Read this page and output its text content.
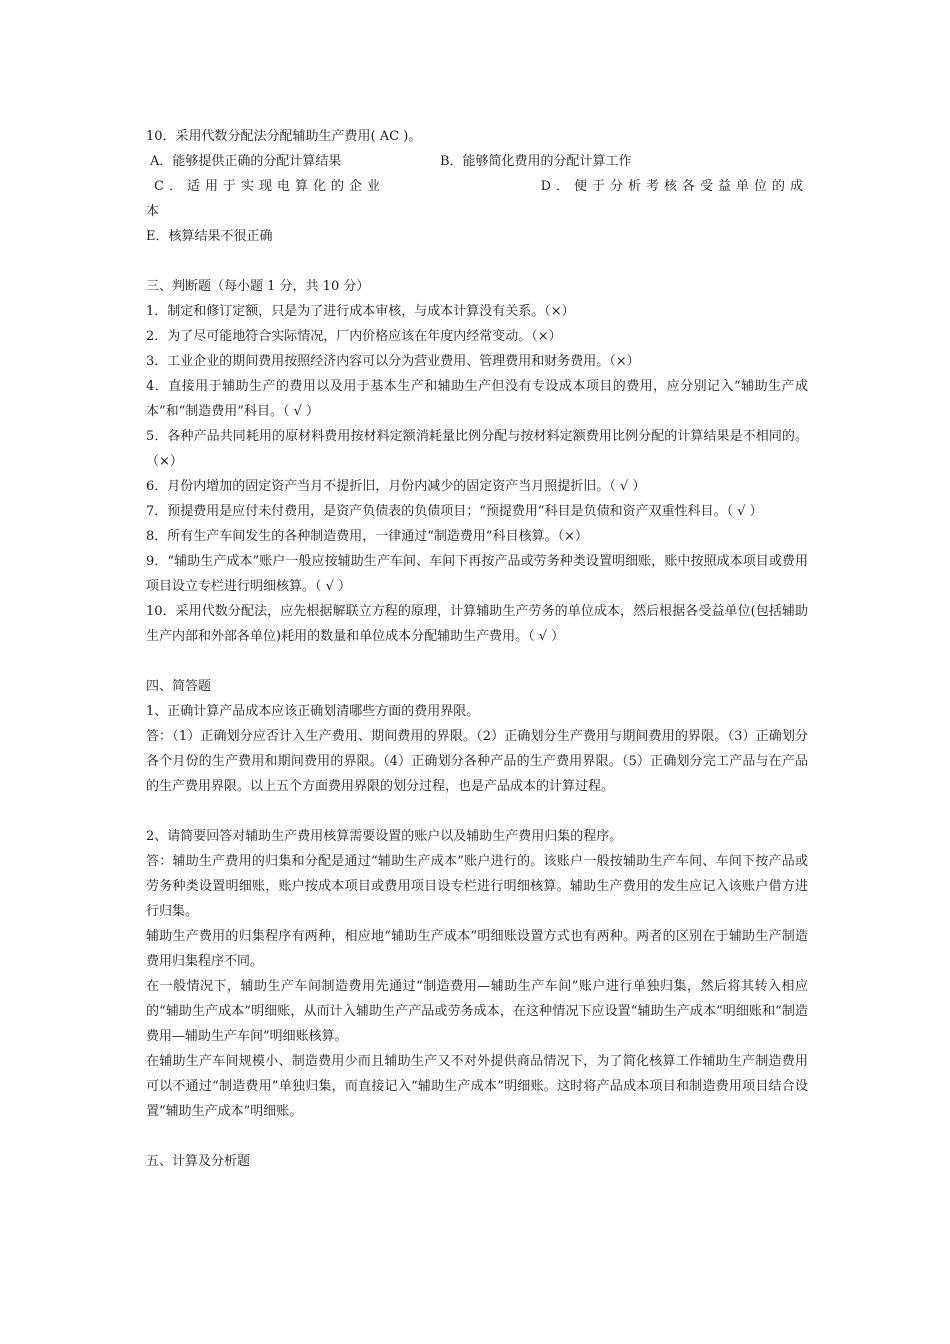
10．采用代数分配法分配辅助生产费用( AC )。
A．能够提供正确的分配计算结果	B．能够简化费用的分配计算工作
C．适用于实现电算化的企业	D．便于分析考核各受益单位的成
本
E．核算结果不很正确
三、判断题（每小题 1 分，共 10 分）
1．制定和修订定额，只是为了进行成本审核，与成本计算没有关系。（×）
2．为了尽可能地符合实际情况，厂内价格应该在年度内经常变动。（×）
3．工业企业的期间费用按照经济内容可以分为营业费用、管理费用和财务费用。（×）
4．直接用于辅助生产的费用以及用于基本生产和辅助生产但没有专设成本项目的费用，应分别记入“辅助生产成本”和“制造费用”科目。（ √ ）
5．各种产品共同耗用的原材料费用按材料定额消耗量比例分配与按材料定额费用比例分配的计算结果是不相同的。（×）
6．月份内增加的固定资产当月不提折旧，月份内减少的固定资产当月照提折旧。（ √ ）
7．预提费用是应付未付费用，是资产负债表的负债项目；“预提费用”科目是负债和资产双重性科目。（ √ ）
8．所有生产车间发生的各种制造费用，一律通过“制造费用”科目核算。（×）
9．“辅助生产成本”账户一般应按辅助生产车间、车间下再按产品或劳务种类设置明细账，账中按照成本项目或费用项目设立专栏进行明细核算。（ √ ）
10．采用代数分配法，应先根据解联立方程的原理，计算辅助生产劳务的单位成本，然后根据各受益单位(包括辅助生产内部和外部各单位)耗用的数量和单位成本分配辅助生产费用。（ √ ）
四、简答题
1、正确计算产品成本应该正确划清哪些方面的费用界限。
答：（1）正确划分应否计入生产费用、期间费用的界限。（2）正确划分生产费用与期间费用的界限。（3）正确划分各个月份的生产费用和期间费用的界限。（4）正确划分各种产品的生产费用界限。（5）正确划分完工产品与在产品的生产费用界限。以上五个方面费用界限的划分过程，也是产品成本的计算过程。
2、请简要回答对辅助生产费用核算需要设置的账户以及辅助生产费用归集的程序。
答：辅助生产费用的归集和分配是通过“辅助生产成本”账户进行的。该账户一般按辅助生产车间、车间下按产品或劳务种类设置明细账，账户按成本项目或费用项目设专栏进行明细核算。辅助生产费用的发生应记入该账户借方进行归集。
辅助生产费用的归集程序有两种，相应地“辅助生产成本”明细账设置方式也有两种。两者的区别在于辅助生产制造费用归集程序不同。
在一般情况下，辅助生产车间制造费用先通过“制造费用—辅助生产车间”账户进行单独归集，然后将其转入相应的“辅助生产成本”明细账，从而计入辅助生产产品或劳务成本，在这种情况下应设置“辅助生产成本”明细账和“制造费用—辅助生产车间”明细账核算。
在辅助生产车间规模小、制造费用少而且辅助生产又不对外提供商品情况下，为了简化核算工作辅助生产制造费用可以不通过“制造费用”单独归集，而直接记入“辅助生产成本”明细账。这时将产品成本项目和制造费用项目结合设置“辅助生产成本”明细账。
五、计算及分析题
